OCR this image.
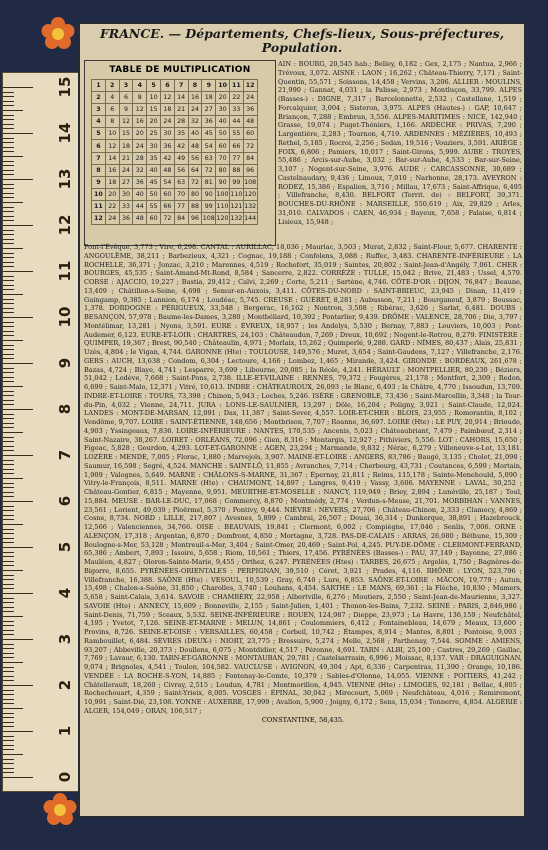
15
14
13
12
11
10
9
8
7
6
5
4
3
2
1
0
FRANCE. — Départements, Chefs-lieux, Sous-préfectures, Population.
TABLE DE MULTIPLICATION
1	2	3	4	5	6	7	8	9	10	11	12
2	4	6	8	10	12	14	16	18	20	22	24
3	6	9	12	15	18	21	24	27	30	33	36
4	8	12	16	20	24	28	32	36	40	44	48
5	10	15	20	25	30	35	40	45	50	55	60
6	12	18	24	30	36	42	48	54	60	66	72
7	14	21	28	35	42	49	56	63	70	77	84
8	16	24	32	40	48	56	64	72	80	88	96
9	18	27	36	45	54	63	72	81	90	99	108
10	20	30	40	50	60	70	80	90	100	110	120
11	22	33	44	55	66	77	88	99	110	121	132
12	24	36	48	60	72	84	96	108	120	132	144

AIN : BOURG, 20,545 hab.; Belley, 6,182 ; Gex, 2,175 ; Nantua, 2,966 ; Trévoux, 3,072. AISNE : LAON ; 16,262 ; Château-Thierry, 7,171 ; Saint-Quentin, 55,571 ; Soissons, 14,458 ; Vervins, 3,206. ALLIER : MOULINS, 21,990 ; Gannat, 4,031 ; la Palisse, 2,973 ; Montluçon, 33,799. ALPES (Basses-) : DIGNE, 7,317 ; Barcelonnette, 2,532 ; Castellane, 1,519 ; Forcalquier, 3,004 ; Sisteron, 3,975. ALPES (Hautes-) : GAP, 10,647 ; Briançon, 7,288 ; Embrun, 3,556. ALPES-MARITIMES : NICE, 142,940 ; Grasse, 19,074 ; Puget-Théniers, 1,166. ARDÈCHE : PRIVAS, 7,290 ; Largentière, 2,283 ; Tournon, 4,719. ARDENNES : MÉZIÈRES, 10,493 ; Rethel, 5,185 ; Rocroi, 2,256 ; Sedan, 19,516 ; Vouziers, 3,591. ARIÈGE : FOIX, 6,806 ; Pamiers, 10,017 ; Saint-Girons, 5,999. AUBE : TROYES, 55,486 ; Arcis-sur-Aube, 3,032 ; Bar-sur-Aube, 4,533 ; Bar-sur-Seine, 3,107 ; Nogent-sur-Seine, 3,976. AUDE : CARCASSONNE, 30,689 ; Castelnaudary, 9,436 ; Limoux, 7,010 ; Narbonne, 28,173. AVEYRON : RODEZ, 15,386 ; Espalion, 3,716 ; Millau, 17,673 ; Saint-Affrique, 6,495 ; Villefranche, 8,430. BELFORT (Territ. de) : BELFORT, 39,371. BOUCHES-DU-RHÔNE : MARSEILLE, 550,619 ; Aix, 29,829 ; Arles, 31,010. CALVADOS : CAEN, 46,934 ; Bayeux, 7,658 ; Falaise, 6,814 ; Lisieux, 15,948 ;

Pont-l'Évêque, 3,773 ; Vire, 6,298. CANTAL : AURILLAC, 18,036 ; Mauriac, 3,503 ; Murat, 2,832 ; Saint-Flour, 5,677. CHARENTE : ANGOULÊME, 38,211 ; Barbezieux, 4,321 ; Cognac, 19,188 ; Confolens, 3,088 ; Ruffec, 3,483. CHARENTE-INFÉRIEURE : LA ROCHELLE, 36,371 ; Jonzac, 3,210 ; Marennes, 4,519 ; Rochefort, 35,019 ; Saintes, 20,802 ; Saint-Jean-d'Angély, 7,061. CHER : BOURGES, 45,535 ; Saint-Amand-Mt-Rond, 8,584 ; Sancerre, 2,822. CORRÈZE : TULLE, 15,042 ; Brive, 21,483 ; Ussel, 4,579. CORSE : AJACCIO, 19,227 ; Bastia, 29,412 ; Calvi, 2,269 ; Corte, 5,211 ; Sartène, 4,746. CÔTE-D'OR : DIJON, 76,847 ; Beaune, 13,409 ; Châtillon-s-Seine, 4,698 ; Semur-en-Auxois, 3,411. CÔTES-DU-NORD : SAINT-BRIEUC, 23,945 ; Dinan, 11,419 ; Guingamp, 9,385 ; Lannion, 6,174 ; Loudéac, 5,745. CREUSE : GUÉRET, 8,281 ; Aubusson, 7,211 ; Bourganeuf, 3,879 ; Boussac, 1,378. DORDOGNE : PÉRIGUEUX, 33,548 ; Bergerac, 16,162 ; Nontron, 3,508 ; Ribérac, 3,626 ; Sarlat, 6,481. DOUBS : BESANÇON, 57,978 ; Baume-les-Dames, 3,280 ; Montbéliard, 10,392 ; Pontarlier, 9,439. DRÔME : VALENCE, 28,706 ; Die, 3,797 ; Montélimar, 13,281 ; Nyons, 3,591. EURE : ÉVREUX, 18,957 ; les Andelys, 5,530 ; Bernay, 7,883 ; Louviers, 10,003 ; Pont-Audemer, 6,123. EURE-ET-LOIR : CHARTRES, 24,103 ; Châteaudun, 7,269 ; Dreux, 10,692 ; Nogent-le-Rotrou, 8,279. FINISTÈRE : QUIMPER, 19,367 ; Brest, 90,540 ; Châteaulin, 4,971 ; Morlaix, 15,262 ; Quimperlé, 9,288. GARD : NÎMES, 80,437 ; Alais, 25,831 ; Uzès, 4,804 ; le Vigan, 4,744. GARONNE (Hte) : TOULOUSE, 149,576 ; Muret, 3,654 ; Saint-Gaudens, 7,127 ; Villefranche, 2,176. GERS : AUCH, 13,638 ; Condom, 6,304 ; Lectoure, 4,166 ; Lombez, 1,465 ; Mirande, 3,424. GIRONDE : BORDEAUX, 261,678 ; Bazas, 4,724 ; Blaye, 4,741 ; Lesparre, 3,699 ; Libourne, 20,085 ; la Réole, 4,241. HÉRAULT : MONTPELLIER, 80,230 ; Béziers, 51,042 ; Lodève, 7,668 ; Saint-Pons, 2,738. ILLE-ET-VILAINE : RENNES, 79,372 ; Fougères, 21,178 ; Montfort, 2,309 ; Redon, 6,699 ; Saint-Malo, 12,371 ; Vitré, 10,613. INDRE : CHÂTEAUROUX, 26,093 ; le Blanc, 6,493 ; la Châtre, 4,770 ; Issoudun, 13,709. INDRE-ET-LOIRE : TOURS, 73,398 ; Chinon, 5,943 ; Loches, 5,246. ISÈRE : GRENOBLE, 73,436 ; Saint-Marcellin, 3,348 ; la Tour-du-Pin, 4,032 ; Vienne, 24,711. JURA : LONS-LE-SAULNIER, 13,297 ; Dôle, 16,204 ; Poligny, 3,921 ; Saint-Claude, 12,024. LANDES : MONT-DE-MARSAN, 12,091 ; Dax, 11,387 ; Saint-Sever, 4,557. LOIR-ET-CHER : BLOIS, 23,955 ; Romorantin, 8,102 ; Vendôme, 9,707. LOIRE : SAINT-ÉTIENNE, 148,656 ; Montbrison, 7,707 ; Roanne, 36,697. LOIRE (Hte) : LE PUY, 20,914 ; Brioude, 4,903 ; Yssingeaux, 7,836. LOIRE-INFÉRIEURE : NANTES, 170,535 ; Ancenis, 5,023 ; Châteaubriant, 7,479 ; Paimbœuf, 2,314 ; Saint-Nazaire, 38,267. LOIRET : ORLÉANS, 72,096 ; Gien, 8,316 ; Montargis, 12,927 ; Pithiviers, 5,556. LOT : CAHORS, 15,650 ; Figeac, 5,828 ; Gourdon, 4,293. LOT-ET-GARONNE : AGEN, 23,294 ; Marmande, 9,832 ; Nérac, 6,279 ; Villeneuve-s-Lot, 13,181. LOZÈRE : MENDE, 7,005 ; Florac, 1,880 ; Marvejols, 3,907. MAINE-ET-LOIRE : ANGERS, 83,786 ; Baugé, 3,135 ; Cholet, 21,098 ; Saumur, 16,598 ; Segré, 4,524. MANCHE : SAINT-LÔ, 11,855 ; Avranches, 7,714 ; Cherbourg, 43,731 ; Coutances, 6,599 ; Mortain, 1,909 ; Valognes, 5,649. MARNE : CHÂLONS-S-MARNE, 31,367 ; Épernay, 21,811 ; Reims, 115,178 ; Sainte-Menehould, 5,090 ; Vitry-le-François, 8,511. MARNE (Hte) : CHAUMONT, 14,897 ; Langres, 9,419 ; Vassy, 3,606. MAYENNE : LAVAL, 30,252 ; Château-Gontier, 6,815 ; Mayenne, 9,951. MEURTHE-ET-MOSELLE : NANCY, 119,949 ; Briey, 2,894 ; Lunéville, 25,187 ; Toul, 15,884. MEUSE : BAR-LE-DUC, 17,068 ; Commercy, 8,870 ; Montmédy, 2,774 ; Verdun-s-Meuse, 21,701. MORBIHAN : VANNES, 23,561 ; Lorient, 49,039 ; Ploërmel, 5,370 ; Pontivy, 9,444. NIÈVRE : NEVERS, 27,706 ; Château-Chinon, 2,333 ; Clamecy, 4,869 ; Cosne, 8,734. NORD : LILLE, 217,807 ; Avesnes, 5,899 ; Cambrai, 26,507 ; Douai, 36,314 ; Dunkerque, 38,891 ; Hazebrouck, 12,566 ; Valenciennes, 34,766. OISE : BEAUVAIS, 19,841 ; Clermont, 6,002 ; Compiègne, 17,046 ; Senlis, 7,006. ORNE : ALENÇON, 17,318 ; Argentan, 6,870 ; Domfront, 4,850 ; Mortagne, 3,728. PAS-DE-CALAIS : ARRAS, 26,080 ; Béthune, 15,309 ; Boulogne-s-Mer, 53,128 ; Montreuil-s-Mer, 3,404 ; Saint-Omer, 20,469 ; Saint-Pol, 4,245. PUY-DE-DÔME : CLERMONT-FERRAND, 65,386 ; Ambert, 7,893 ; Issoire, 5,658 ; Riom, 10,561 ; Thiers, 17,456. PYRÉNÉES (Basses-) : PAU, 37,149 ; Bayonne, 27,886 ; Mauléon, 4,827 ; Oloron-Sainte-Marie, 9,455 ; Orthez, 6,247. PYRÉNÉES (Htes) : TARBES, 26,675 ; Argelès, 1,750 ; Bagnères-de-Bigorre, 8,655. PYRÉNÉES-ORIENTALES : PERPIGNAN, 39,510 ; Céret, 3,921 ; Prades, 4,116. RHÔNE : LYON, 523,796 ; Villefranche, 16,388. SAÔNE (Hte) : VESOUL, 10,539 ; Gray, 6,740 ; Lure, 6,853. SAÔNE-ET-LOIRE : MÂCON, 19,779 ; Autun, 15,498 ; Chalon-s-Saône, 31,850 ; Charolles, 3,740 ; Louhans, 4,454. SARTHE : LE MANS, 69,361 ; la Flèche, 10,830 ; Mamers, 5,658 ; Saint-Calais, 3,614. SAVOIE : CHAMBÉRY, 22,958 ; Albertville, 6,276 ; Moutiers, 2,550 ; Saint-Jean-de-Maurienne, 3,327. SAVOIE (Hte) : ANNECY, 15,609 ; Bonneville, 2,155 ; Saint-Julien, 1,401 ; Thonon-les-Bains, 7,232. SEINE : PARIS, 2,846,986 ; Saint-Denis, 71,759 ; Sceaux, 5,532. SEINE-INFÉRIEURE : ROUEN, 124,987 ; Dieppe, 23,973 ; Le Havre, 136,159 ; Neufchâtel, 4,195 ; Yvetot, 7,126. SEINE-ET-MARNE : MELUN, 14,861 ; Coulommiers, 6,412 ; Fontainebleau, 14,679 ; Meaux, 13,600 ; Provins, 8,726. SEINE-ET-OISE : VERSAILLES, 60,458 ; Corbeil, 10,742 ; Étampes, 8,914 ; Mantes, 8,801 ; Pontoise, 9,093 ; Rambouillet, 6,484. SÈVRES (DEUX-) : NIORT, 23,775 ; Bressuire, 5,274 ; Melle, 2,568 ; Parthenay, 7,544. SOMME : AMIENS, 93,207 ; Abbeville, 20,373 ; Doullens, 6,075 ; Montdidier, 4,517 ; Péronne, 4,691. TARN : ALBI, 25,100 ; Castres, 29,269 ; Gaillac, 7,769 ; Lavaur, 6,130. TARN-ET-GARONNE : MONTAUBAN, 29,781 ; Castelsarrasin, 6,996 ; Moissac, 8,137. VAR : DRAGUIGNAN, 9,074 ; Brignoles, 4,541 ; Toulon, 104,582. VAUCLUSE : AVIGNON, 49,304 ; Apt, 6,336 ; Carpentras, 11,390 ; Orange, 10,186. VENDÉE : LA ROCHE-S-YON, 14,885 ; Fontenay-le-Comte, 10,379 ; Sables-d'Olonne, 14,055. VIENNE : POITIERS, 41,242 ; Châtellerault, 18,260 ; Civray, 2,515 ; Loudun, 4,781 ; Montmorillon, 4,945. VIENNE (Hte) : LIMOGES, 92,181 ; Bellac, 4,805 ; Rochechouart, 4,359 ; Saint-Yrieix, 8,005. VOSGES : ÉPINAL, 30,042 ; Mirecourt, 5,069 ; Neufchâteau, 4,016 ; Remiremont, 10,991 ; Saint-Dié, 23,108. YONNE : AUXERRE, 17,999 ; Avallon, 5,900 ; Joigny, 6,172 ; Sens, 15,034 ; Tonnerre, 4,854. ALGÉRIE : ALGER, 154,049 ; ORAN, 106,517 ;

CONSTANTINE, 58,435.
